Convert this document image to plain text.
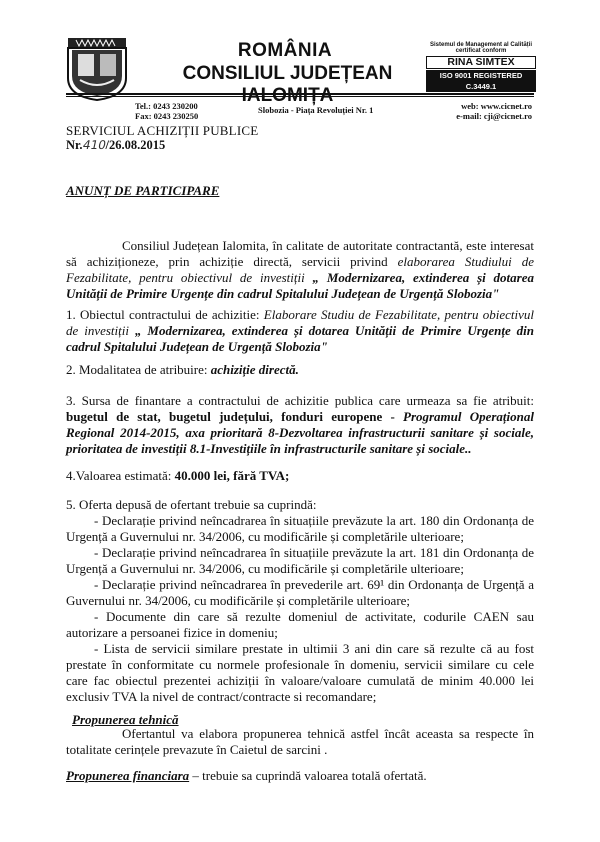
ROMÂNIA
CONSILIUL JUDEȚEAN IALOMIȚA
Sistemul de Management al Calității
certificat conform
RINA SIMTEX
ISO 9001 REGISTERED C.3449.1
Tel.: 0243 230200
Fax: 0243 230250
Slobozia - Piața Revoluției Nr. 1	web: www.cicnet.ro
e-mail: cji@cicnet.ro
SERVICIUL ACHIZIȚII PUBLICE
Nr.410/26.08.2015
ANUNȚ DE PARTICIPARE
Consiliul Județean Ialomita, în calitate de autoritate contractantă, este interesat să achiziționeze, prin achiziție directă, servicii privind elaborarea Studiului de Fezabilitate, pentru obiectivul de investiții „ Modernizarea, extinderea și dotarea Unității de Primire Urgențe din cadrul Spitalului Județean de Urgență Slobozia"
1. Obiectul contractului de achizitie: Elaborare Studiu de Fezabilitate, pentru obiectivul de investiții „ Modernizarea, extinderea și dotarea Unității de Primire Urgențe din cadrul Spitalului Județean de Urgență Slobozia"
2. Modalitatea de atribuire: achiziție directă.
3. Sursa de finantare a contractului de achizitie publica care urmeaza sa fie atribuit: bugetul de stat, bugetul județului, fonduri europene - Programul Operațional Regional 2014-2015, axa prioritară 8-Dezvoltarea infrastructurii sanitare și sociale, prioritatea de investiții 8.1-Investițiile în infrastructurile sanitare și sociale..
4.Valoarea estimată: 40.000 lei, fără TVA;
5. Oferta depusă de ofertant trebuie sa cuprindă:
- Declarație privind neîncadrarea în situațiile prevăzute la art. 180 din Ordonanța de Urgență a Guvernului nr. 34/2006, cu modificările și completările ulterioare;
- Declarație privind neîncadrarea în situațiile prevăzute la art. 181 din Ordonanța de Urgență a Guvernului nr. 34/2006, cu modificările și completările ulterioare;
- Declarație privind neîncadrarea în prevederile art. 69¹ din Ordonanța de Urgență a Guvernului nr. 34/2006, cu modificările și completările ulterioare;
- Documente din care să rezulte domeniul de activitate, codurile CAEN sau autorizare a persoanei fizice in domeniu;
- Lista de servicii similare prestate in ultimii 3 ani din care să rezulte că au fost prestate în conformitate cu normele profesionale în domeniu, servicii similare cu cele care fac obiectul prezentei achiziții în valoare/valoare cumulată de minim 40.000 lei exclusiv TVA la nivel de contract/contracte si recomandare;
Propunerea tehnică
Ofertantul va elabora propunerea tehnică astfel încât aceasta sa respecte în totalitate cerințele prevazute în Caietul de sarcini .
Propunerea financiara – trebuie sa cuprindă valoarea totală ofertată.
